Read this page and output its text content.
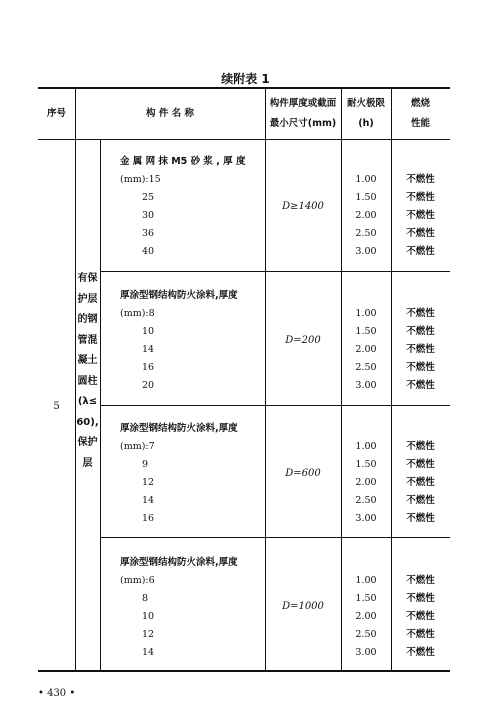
续附表 1
序号	构 件 名 称
构件厚度或截面
最小尺寸(mm)
耐火极限
(h)
燃烧
性能
5
有保
护层
的钢
管混
凝土
圆柱
(λ≤
60),
保护
层
金 属 网 抹 M5 砂 浆 , 厚 度
(mm):15
25
30
36
40
D≥1400
1.00
1.50
2.00
2.50
3.00
不燃性
不燃性
不燃性
不燃性
不燃性
厚涂型钢结构防火涂料,厚度
(mm):8
10
14
16
20
D=200
1.00
1.50
2.00
2.50
3.00
不燃性
不燃性
不燃性
不燃性
不燃性
厚涂型钢结构防火涂料,厚度
(mm):7
9
12
14
16
D=600
1.00
1.50
2.00
2.50
3.00
不燃性
不燃性
不燃性
不燃性
不燃性
厚涂型钢结构防火涂料,厚度
(mm):6
8
10
12
14
D=1000
1.00
1.50
2.00
2.50
3.00
不燃性
不燃性
不燃性
不燃性
不燃性
• 430 •
